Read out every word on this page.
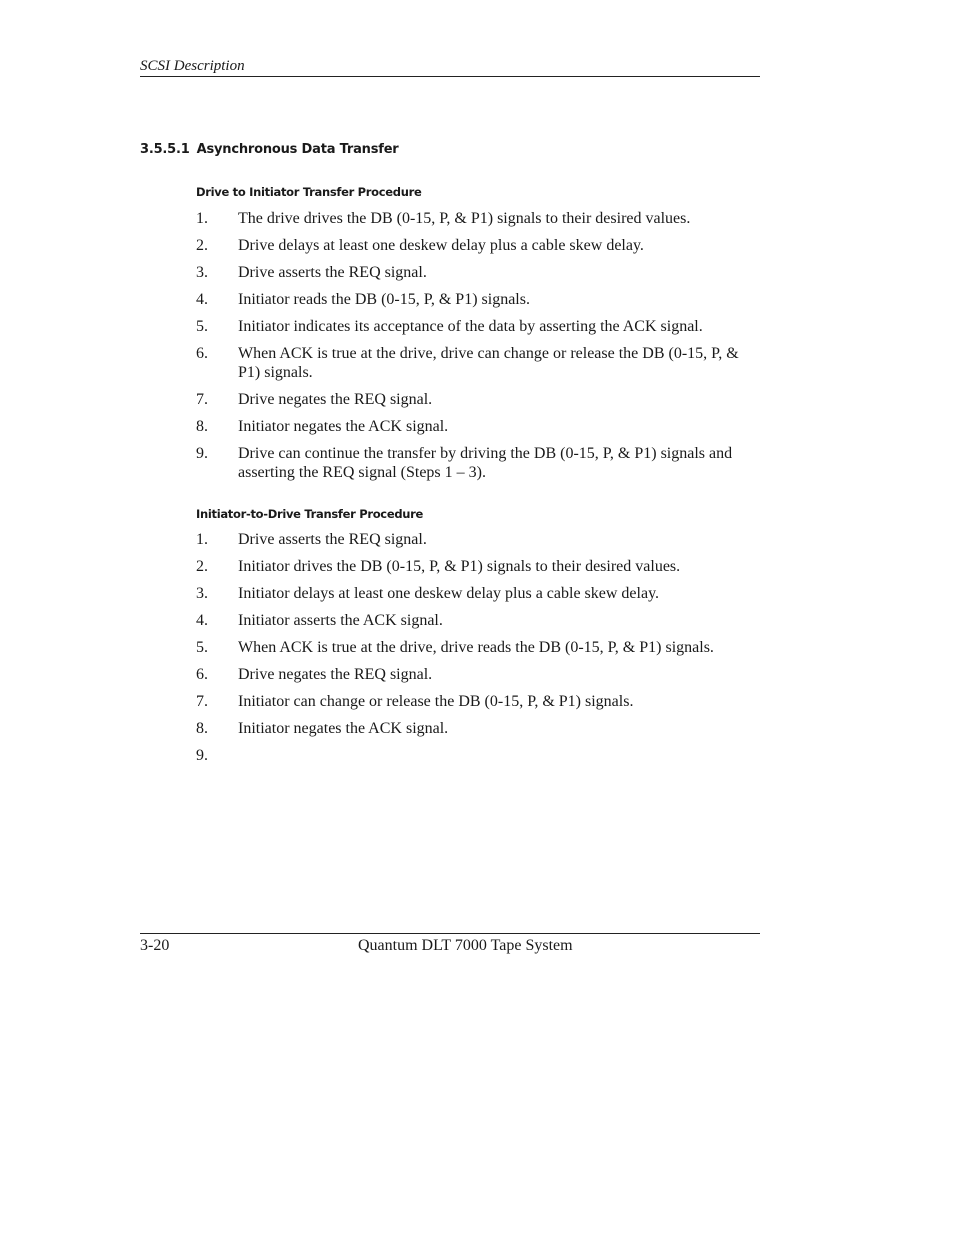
SCSI Description
3.5.5.1 Asynchronous Data Transfer
Drive to Initiator Transfer Procedure
1. The drive drives the DB (0-15, P, & P1) signals to their desired values.
2. Drive delays at least one deskew delay plus a cable skew delay.
3. Drive asserts the REQ signal.
4. Initiator reads the DB (0-15, P, & P1) signals.
5. Initiator indicates its acceptance of the data by asserting the ACK signal.
6. When ACK is true at the drive, drive can change or release the DB (0-15, P, & P1) signals.
7. Drive negates the REQ signal.
8. Initiator negates the ACK signal.
9. Drive can continue the transfer by driving the DB (0-15, P, & P1) signals and asserting the REQ signal (Steps 1 – 3).
Initiator-to-Drive Transfer Procedure
1. Drive asserts the REQ signal.
2. Initiator drives the DB (0-15, P, & P1) signals to their desired values.
3. Initiator delays at least one deskew delay plus a cable skew delay.
4. Initiator asserts the ACK signal.
5. When ACK is true at the drive, drive reads the DB (0-15, P, & P1) signals.
6. Drive negates the REQ signal.
7. Initiator can change or release the DB (0-15, P, & P1) signals.
8. Initiator negates the ACK signal.
9.
3-20	Quantum DLT 7000 Tape System
